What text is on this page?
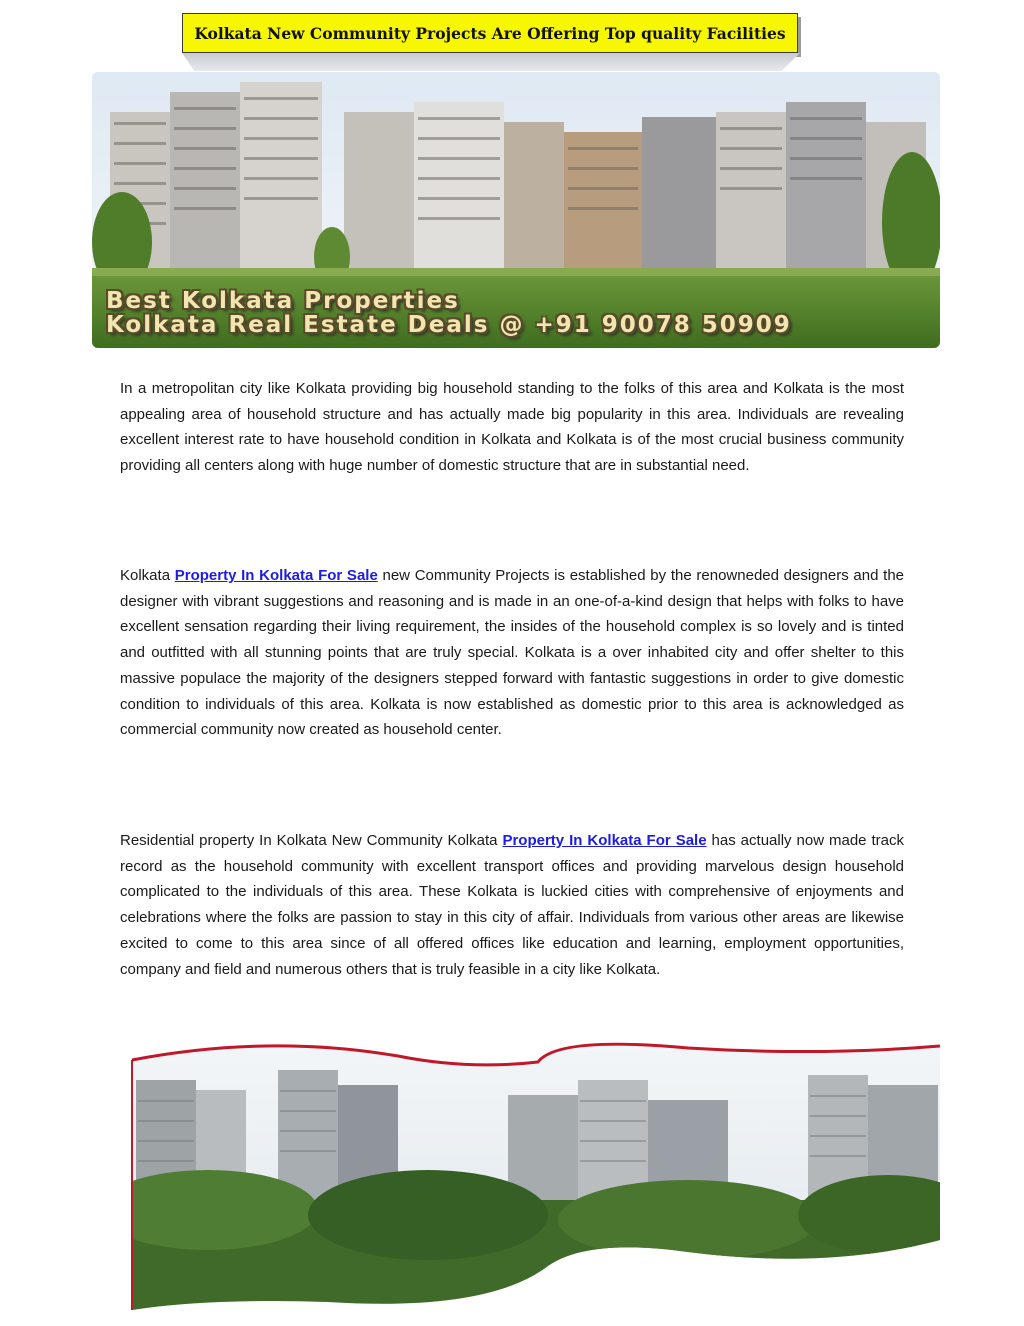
Kolkata New Community Projects Are Offering Top quality Facilities
Best Kolkata Properties
Kolkata Real Estate Deals @ +91 90078 50909

In a metropolitan city like Kolkata providing big household standing to the folks of this area and Kolkata is the most appealing area of household structure and has actually made big popularity in this area. Individuals are revealing excellent interest rate to have household condition in Kolkata and Kolkata is of the most crucial business community providing all centers along with huge number of domestic structure that are in substantial need.

Kolkata Property In Kolkata For Sale new Community Projects is established by the renowneded designers and the designer with vibrant suggestions and reasoning and is made in an one-of-a-kind design that helps with folks to have excellent sensation regarding their living requirement, the insides of the household complex is so lovely and is tinted and outfitted with all stunning points that are truly special. Kolkata is a over inhabited city and offer shelter to this massive populace the majority of the designers stepped forward with fantastic suggestions in order to give domestic condition to individuals of this area. Kolkata is now established as domestic prior to this area is acknowledged as commercial community now created as household center.

Residential property In Kolkata New Community Kolkata Property In Kolkata For Sale has actually now made track record as the household community with excellent transport offices and providing marvelous design household complicated to the individuals of this area. These Kolkata is luckied cities with comprehensive of enjoyments and celebrations where the folks are passion to stay in this city of affair. Individuals from various other areas are likewise excited to come to this area since of all offered offices like education and learning, employment opportunities, company and field and numerous others that is truly feasible in a city like Kolkata.
